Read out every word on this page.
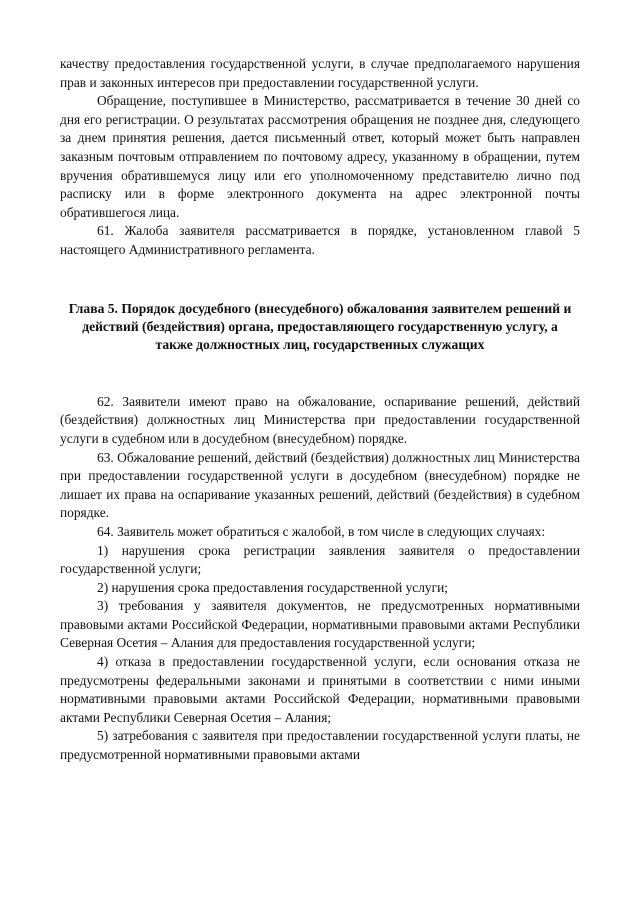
качеству предоставления государственной услуги, в случае предполагаемого нарушения прав и законных интересов при предоставлении государственной услуги.

Обращение, поступившее в Министерство, рассматривается в течение 30 дней со дня его регистрации. О результатах рассмотрения обращения не позднее дня, следующего за днем принятия решения, дается письменный ответ, который может быть направлен заказным почтовым отправлением по почтовому адресу, указанному в обращении, путем вручения обратившемуся лицу или его уполномоченному представителю лично под расписку или в форме электронного документа на адрес электронной почты обратившегося лица.

61. Жалоба заявителя рассматривается в порядке, установленном главой 5 настоящего Административного регламента.

Глава 5. Порядок досудебного (внесудебного) обжалования заявителем решений и действий (бездействия) органа, предоставляющего государственную услугу, а также должностных лиц, государственных служащих

62. Заявители имеют право на обжалование, оспаривание решений, действий (бездействия) должностных лиц Министерства при предоставлении государственной услуги в судебном или в досудебном (внесудебном) порядке.

63. Обжалование решений, действий (бездействия) должностных лиц Министерства при предоставлении государственной услуги в досудебном (внесудебном) порядке не лишает их права на оспаривание указанных решений, действий (бездействия) в судебном порядке.

64. Заявитель может обратиться с жалобой, в том числе в следующих случаях:

1) нарушения срока регистрации заявления заявителя о предоставлении государственной услуги;

2) нарушения срока предоставления государственной услуги;

3) требования у заявителя документов, не предусмотренных нормативными правовыми актами Российской Федерации, нормативными правовыми актами Республики Северная Осетия – Алания для предоставления государственной услуги;

4) отказа в предоставлении государственной услуги, если основания отказа не предусмотрены федеральными законами и принятыми в соответствии с ними иными нормативными правовыми актами Российской Федерации, нормативными правовыми актами Республики Северная Осетия – Алания;

5) затребования с заявителя при предоставлении государственной услуги платы, не предусмотренной нормативными правовыми актами
